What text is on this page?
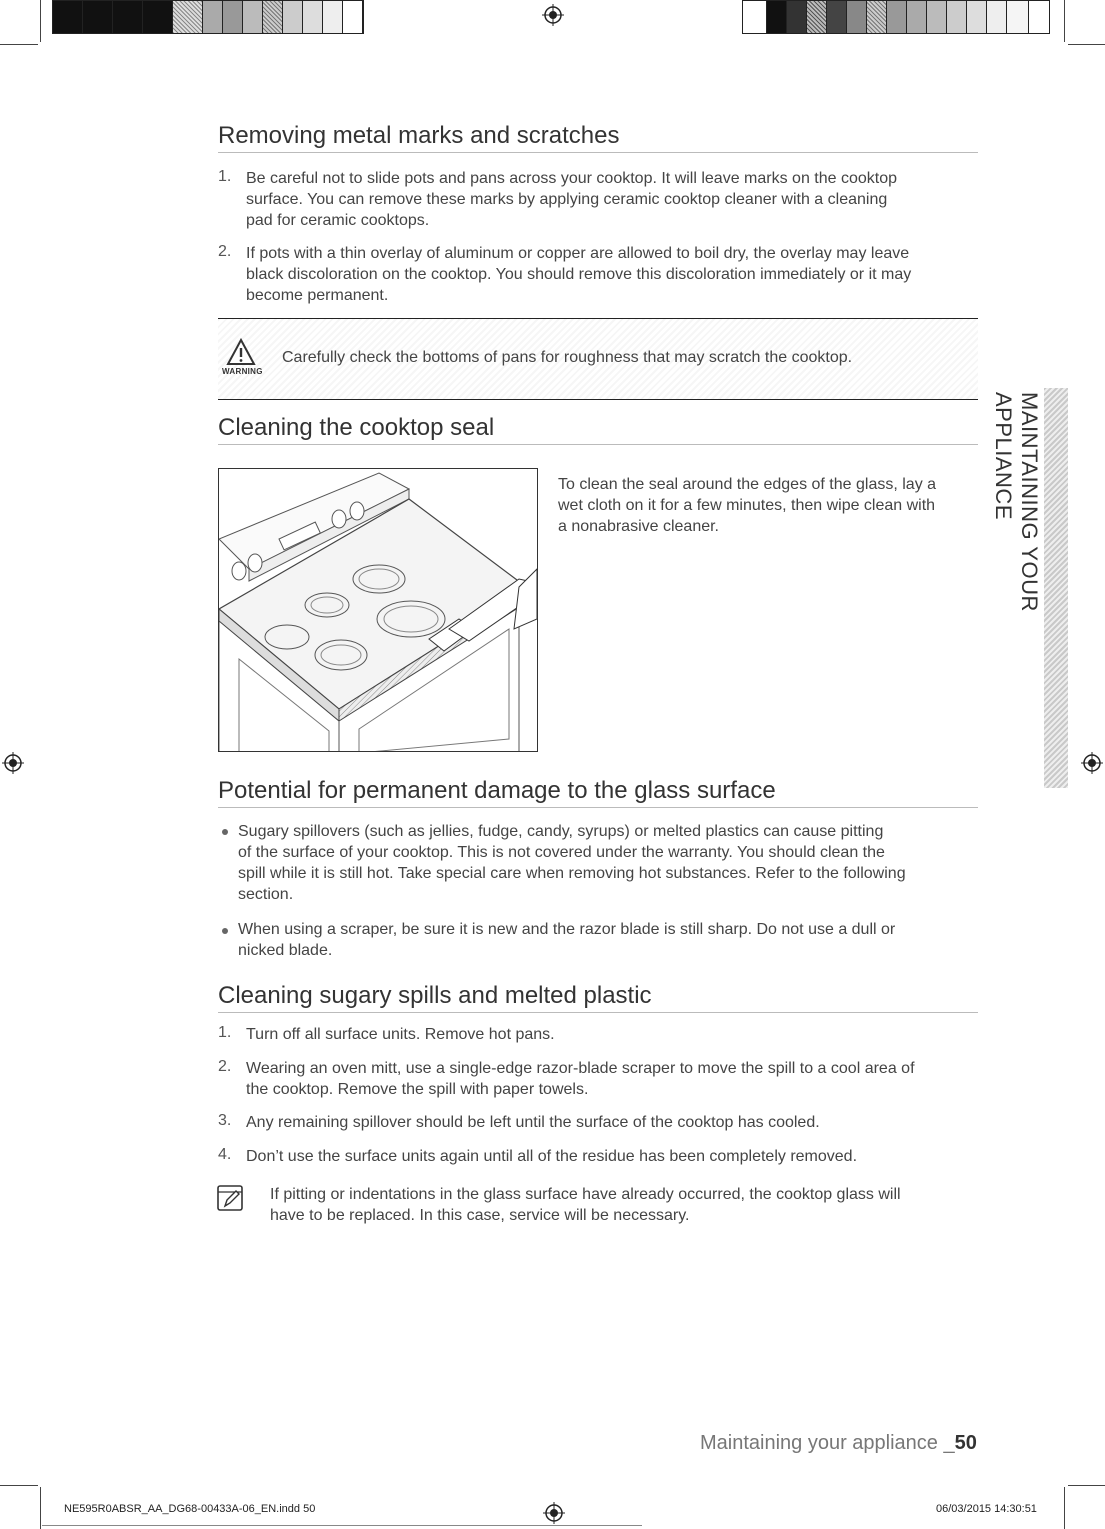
Removing metal marks and scratches
1. Be careful not to slide pots and pans across your cooktop. It will leave marks on the cooktop
surface. You can remove these marks by applying ceramic cooktop cleaner with a cleaning
pad for ceramic cooktops.
2. If pots with a thin overlay of aluminum or copper are allowed to boil dry, the overlay may leave
black discoloration on the cooktop. You should remove this discoloration immediately or it may
become permanent.
WARNING
Carefully check the bottoms of pans for roughness that may scratch the cooktop.
Cleaning the cooktop seal
To clean the seal around the edges of the glass, lay a
wet cloth on it for a few minutes, then wipe clean with
a nonabrasive cleaner.	MAINTAINING YOUR APPLIANCE
Potential for permanent damage to the glass surface
Sugary spillovers (such as jellies, fudge, candy, syrups) or melted plastics can cause pitting
of the surface of your cooktop. This is not covered under the warranty. You should clean the
spill while it is still hot. Take special care when removing hot substances. Refer to the following
section.
When using a scraper, be sure it is new and the razor blade is still sharp. Do not use a dull or
nicked blade.
Cleaning sugary spills and melted plastic
1. Turn off all surface units. Remove hot pans.
2. Wearing an oven mitt, use a single-edge razor-blade scraper to move the spill to a cool area of
the cooktop. Remove the spill with paper towels.
3. Any remaining spillover should be left until the surface of the cooktop has cooled.
4. Don’t use the surface units again until all of the residue has been completely removed.
If pitting or indentations in the glass surface have already occurred, the cooktop glass will
have to be replaced. In this case, service will be necessary.
Maintaining your appliance _50
NE595R0ABSR_AA_DG68-00433A-06_EN.indd 50	06/03/2015 14:30:51
